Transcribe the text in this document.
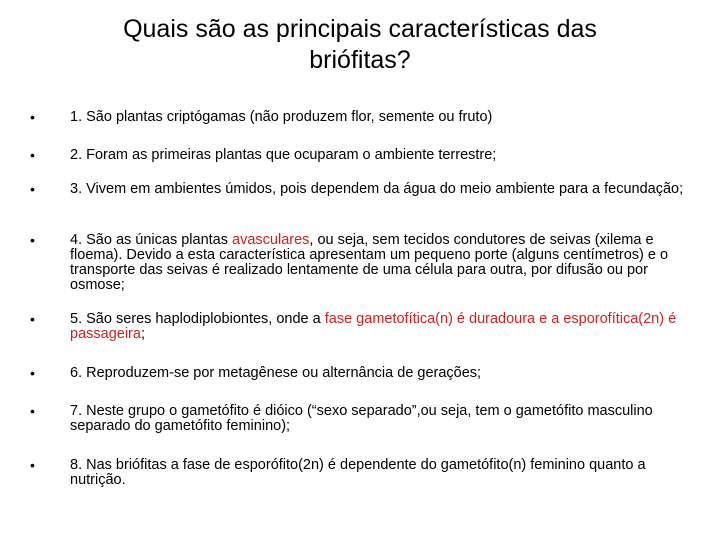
Quais são as principais características das
briófitas?
• 1. São plantas criptógamas (não produzem flor, semente ou fruto)
• 2. Foram as primeiras plantas que ocuparam o ambiente terrestre;
• 3. Vivem em ambientes úmidos, pois dependem da água do meio ambiente para a fecundação;
• 4. São as únicas plantas avasculares, ou seja, sem tecidos condutores de seivas (xilema e floema). Devido a esta característica apresentam um pequeno porte (alguns centímetros) e o transporte das seivas é realizado lentamente de uma célula para outra, por difusão ou por osmose;
• 5. São seres haplodiplobiontes, onde a fase gametofítica(n) é duradoura e a esporofítica(2n) é passageira;
• 6. Reproduzem-se por metagênese ou alternância de gerações;
• 7. Neste grupo o gametófito é dióico (“sexo separado”,ou seja, tem o gametófito masculino separado do gametófito feminino);
• 8. Nas briófitas a fase de esporófito(2n) é dependente do gametófito(n) feminino quanto a nutrição.
